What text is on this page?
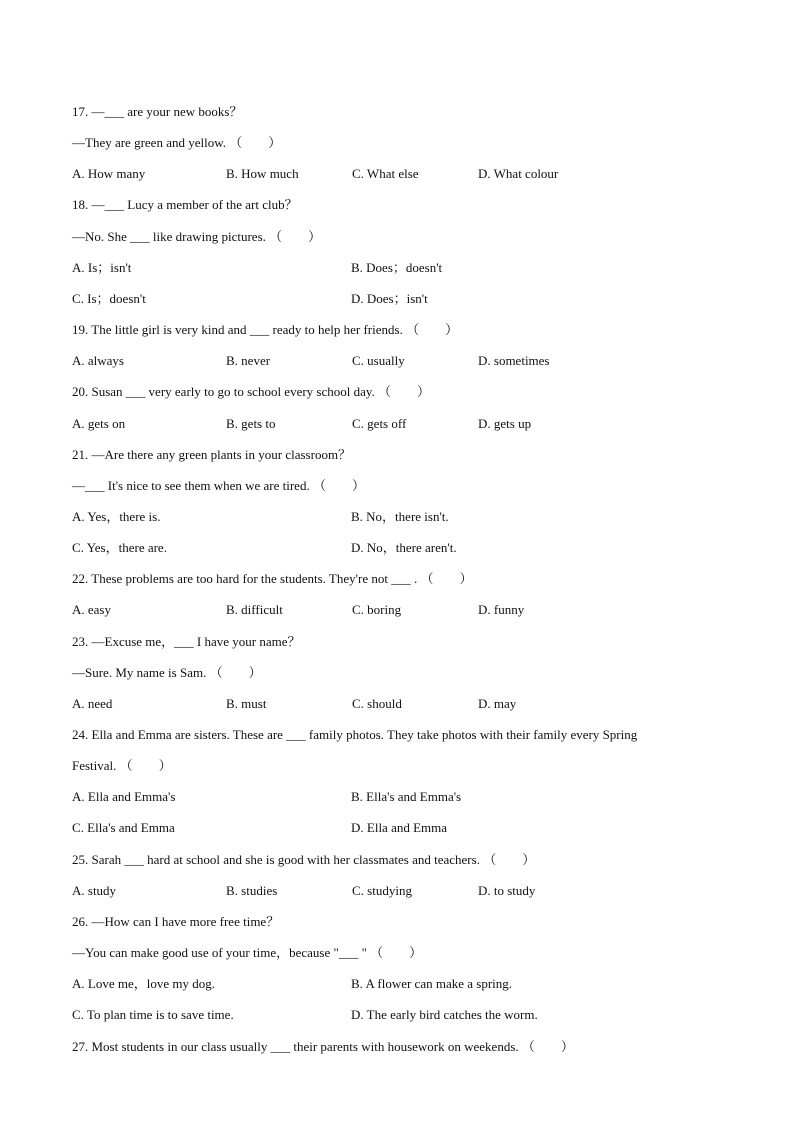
17. —___ are your new books？
—They are green and yellow. （　　）
A. How many	B. How much	C. What else	D. What colour
18. —___ Lucy a member of the art club？
—No. She ___ like drawing pictures. （　　）
A. Is；isn't	B. Does；doesn't
C. Is；doesn't	D. Does；isn't
19. The little girl is very kind and ___ ready to help her friends. （　　）
A. always	B. never	C. usually	D. sometimes
20. Susan ___ very early to go to school every school day. （　　）
A. gets on	B. gets to	C. gets off	D. gets up
21. —Are there any green plants in your classroom？
—___ It's nice to see them when we are tired. （　　）
A. Yes，there is.	B. No，there isn't.
C. Yes，there are.	D. No，there aren't.
22. These problems are too hard for the students. They're not ___ . （　　）
A. easy	B. difficult	C. boring	D. funny
23. —Excuse me，___ I have your name？
—Sure. My name is Sam. （　　）
A. need	B. must	C. should	D. may
24. Ella and Emma are sisters. These are ___ family photos. They take photos with their family every Spring
Festival. （　　）
A. Ella and Emma's	B. Ella's and Emma's
C. Ella's and Emma	D. Ella and Emma
25. Sarah ___ hard at school and she is good with her classmates and teachers. （　　）
A. study	B. studies	C. studying	D. to study
26. —How can I have more free time？
—You can make good use of your time，because "___ " （　　）
A. Love me，love my dog.	B. A flower can make a spring.
C. To plan time is to save time.	D. The early bird catches the worm.
27. Most students in our class usually ___ their parents with housework on weekends. （　　）
